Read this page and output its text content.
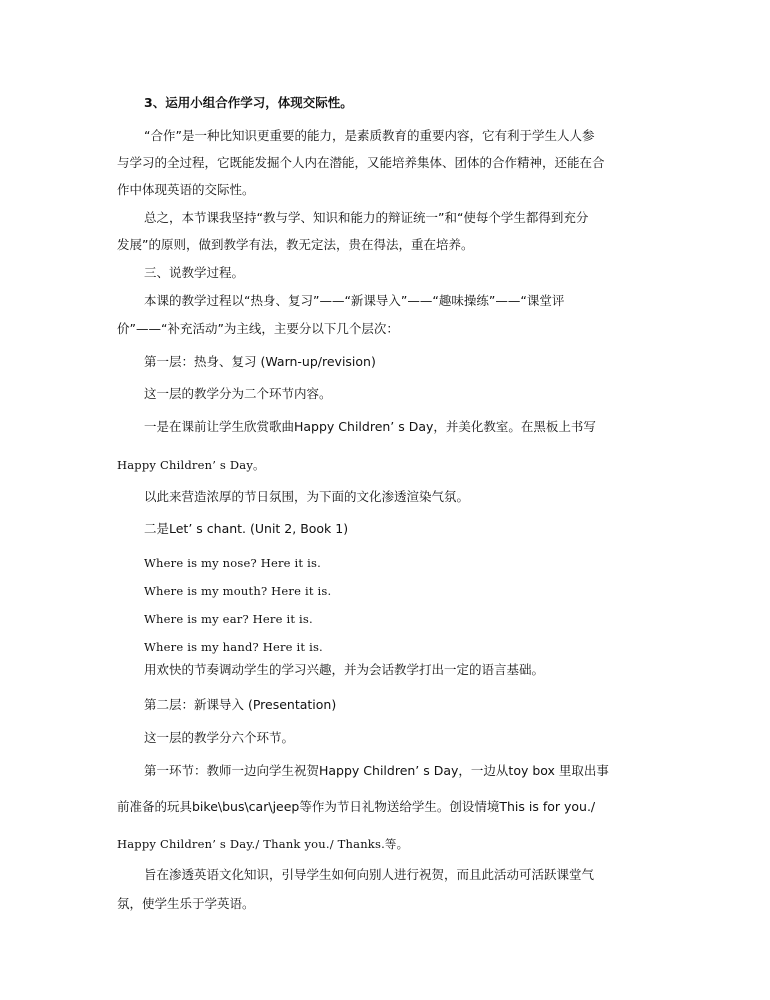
3、运用小组合作学习，体现交际性。
“合作”是一种比知识更重要的能力，是素质教育的重要内容，它有利于学生人人参
与学习的全过程，它既能发掘个人内在潜能，又能培养集体、团体的合作精神，还能在合
作中体现英语的交际性。
总之，本节课我坚持“教与学、知识和能力的辩证统一”和“使每个学生都得到充分
发展”的原则，做到教学有法，教无定法，贵在得法，重在培养。
三、说教学过程。
本课的教学过程以“热身、复习”——“新课导入”——“趣味操练”——“课堂评
价”——“补充活动”为主线，主要分以下几个层次：
第一层：热身、复习 (Warn-up/revision)
这一层的教学分为二个环节内容。
一是在课前让学生欣赏歌曲Happy Children’ s Day，并美化教室。在黑板上书写
Happy Children’ s Day。
以此来营造浓厚的节日氛围，为下面的文化渗透渲染气氛。
二是Let’ s chant. (Unit 2, Book 1)
Where is my nose? Here it is.
Where is my mouth? Here it is.
Where is my ear? Here it is.
Where is my hand? Here it is.
用欢快的节奏调动学生的学习兴趣，并为会话教学打出一定的语言基础。
第二层：新课导入 (Presentation)
这一层的教学分六个环节。
第一环节：教师一边向学生祝贺Happy Children’ s Day，一边从toy box 里取出事
前准备的玩具bike\bus\car\jeep等作为节日礼物送给学生。创设情境This is for you./
Happy Children’ s Day./ Thank you./ Thanks.等。
旨在渗透英语文化知识，引导学生如何向别人进行祝贺，而且此活动可活跃课堂气
氛，使学生乐于学英语。
